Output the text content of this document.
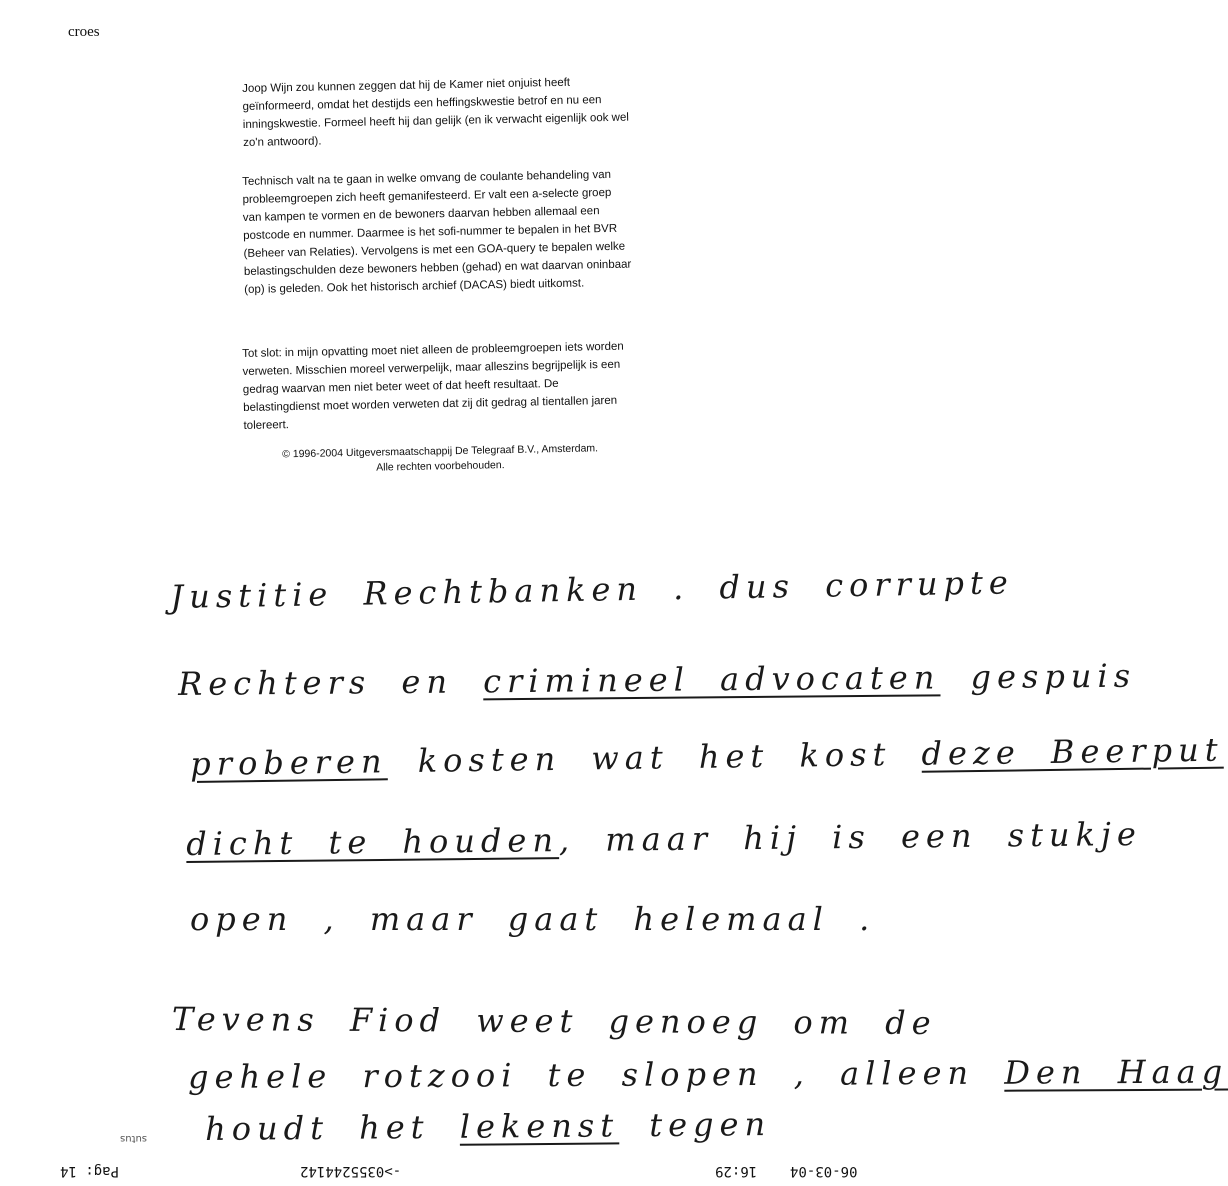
croes
Joop Wijn zou kunnen zeggen dat hij de Kamer niet onjuist heeft geïnformeerd, omdat het destijds een heffingskwestie betrof en nu een inningskwestie. Formeel heeft hij dan gelijk (en ik verwacht eigenlijk ook wel zo'n antwoord).
Technisch valt na te gaan in welke omvang de coulante behandeling van probleemgroepen zich heeft gemanifesteerd. Er valt een a-selecte groep van kampen te vormen en de bewoners daarvan hebben allemaal een postcode en nummer. Daarmee is het sofi-nummer te bepalen in het BVR (Beheer van Relaties). Vervolgens is met een GOA-query te bepalen welke belastingschulden deze bewoners hebben (gehad) en wat daarvan oninbaar (op) is geleden. Ook het historisch archief (DACAS) biedt uitkomst.
Tot slot: in mijn opvatting moet niet alleen de probleemgroepen iets worden verweten. Misschien moreel verwerpelijk, maar alleszins begrijpelijk is een gedrag waarvan men niet beter weet of dat heeft resultaat. De belastingdienst moet worden verweten dat zij dit gedrag al tientallen jaren tolereert.
© 1996-2004 Uitgeversmaatschappij De Telegraaf B.V., Amsterdam.
Alle rechten voorbehouden.
Justitie Rechtbanken . dus corrupte
Rechters en crimineel advocaten gespuis
proberen kosten wat het kost deze Beerput
dicht te houden, maar hij is een stukje
open , maar gaat helemaal .
Tevens Fiod weet genoeg om de
gehele rotzooi te slopen , alleen Den Haag
houdt het lekenst tegen
sutus
Pag: 14	->0355244142	16:29 06-03-04
